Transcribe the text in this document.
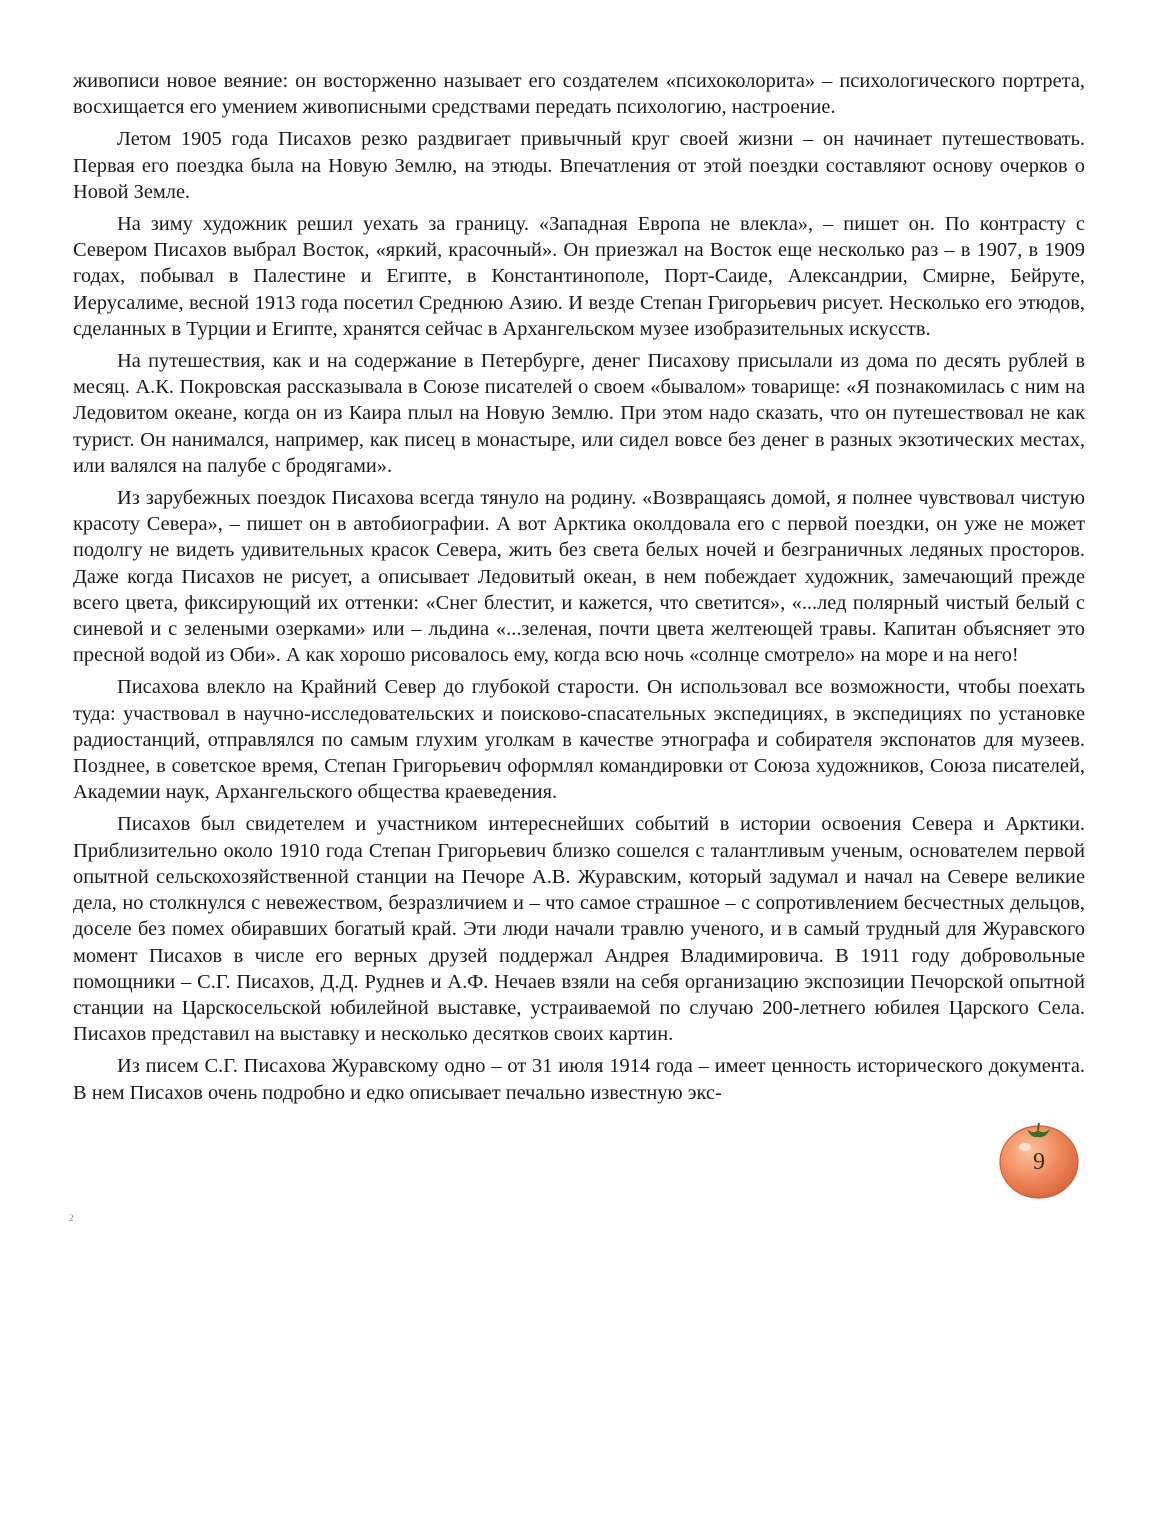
живописи новое веяние: он восторженно называет его создателем «психоколорита» – психологического портрета, восхищается его умением живописными средствами передать психологию, настроение.

Летом 1905 года Писахов резко раздвигает привычный круг своей жизни – он начинает путешествовать. Первая его поездка была на Новую Землю, на этюды. Впечатления от этой поездки составляют основу очерков о Новой Земле.

На зиму художник решил уехать за границу. «Западная Европа не влекла», – пишет он. По контрасту с Севером Писахов выбрал Восток, «яркий, красочный». Он приезжал на Восток еще несколько раз – в 1907, в 1909 годах, побывал в Палестине и Египте, в Константинополе, Порт-Саиде, Александрии, Смирне, Бейруте, Иерусалиме, весной 1913 года посетил Среднюю Азию. И везде Степан Григорьевич рисует. Несколько его этюдов, сделанных в Турции и Египте, хранятся сейчас в Архангельском музее изобразительных искусств.

На путешествия, как и на содержание в Петербурге, денег Писахову присылали из дома по десять рублей в месяц. А.К. Покровская рассказывала в Союзе писателей о своем «бывалом» товарище: «Я познакомилась с ним на Ледовитом океане, когда он из Каира плыл на Новую Землю. При этом надо сказать, что он путешествовал не как турист. Он нанимался, например, как писец в монастыре, или сидел вовсе без денег в разных экзотических местах, или валялся на палубе с бродягами».

Из зарубежных поездок Писахова всегда тянуло на родину. «Возвращаясь домой, я полнее чувствовал чистую красоту Севера», – пишет он в автобиографии. А вот Арктика околдовала его с первой поездки, он уже не может подолгу не видеть удивительных красок Севера, жить без света белых ночей и безграничных ледяных просторов. Даже когда Писахов не рисует, а описывает Ледовитый океан, в нем побеждает художник, замечающий прежде всего цвета, фиксирующий их оттенки: «Снег блестит, и кажется, что светится», «...лед полярный чистый белый с синевой и с зелеными озерками» или – льдина «...зеленая, почти цвета желтеющей травы. Капитан объясняет это пресной водой из Оби». А как хорошо рисовалось ему, когда всю ночь «солнце смотрело» на море и на него!

Писахова влекло на Крайний Север до глубокой старости. Он использовал все возможности, чтобы поехать туда: участвовал в научно-исследовательских и поисково-спасательных экспедициях, в экспедициях по установке радиостанций, отправлялся по самым глухим уголкам в качестве этнографа и собирателя экспонатов для музеев. Позднее, в советское время, Степан Григорьевич оформлял командировки от Союза художников, Союза писателей, Академии наук, Архангельского общества краеведения.

Писахов был свидетелем и участником интереснейших событий в истории освоения Севера и Арктики. Приблизительно около 1910 года Степан Григорьевич близко сошелся с талантливым ученым, основателем первой опытной сельскохозяйственной станции на Печоре А.В. Журавским, который задумал и начал на Севере великие дела, но столкнулся с невежеством, безразличием и – что самое страшное – с сопротивлением бесчестных дельцов, доселе без помех обиравших богатый край. Эти люди начали травлю ученого, и в самый трудный для Журавского момент Писахов в числе его верных друзей поддержал Андрея Владимировича. В 1911 году добровольные помощники – С.Г. Писахов, Д.Д. Руднев и А.Ф. Нечаев взяли на себя организацию экспозиции Печорской опытной станции на Царскосельской юбилейной выставке, устраиваемой по случаю 200-летнего юбилея Царского Села. Писахов представил на выставку и несколько десятков своих картин.

Из писем С.Г. Писахова Журавскому одно – от 31 июля 1914 года – имеет ценность исторического документа. В нем Писахов очень подробно и едко описывает печально известную экс-

9
2
